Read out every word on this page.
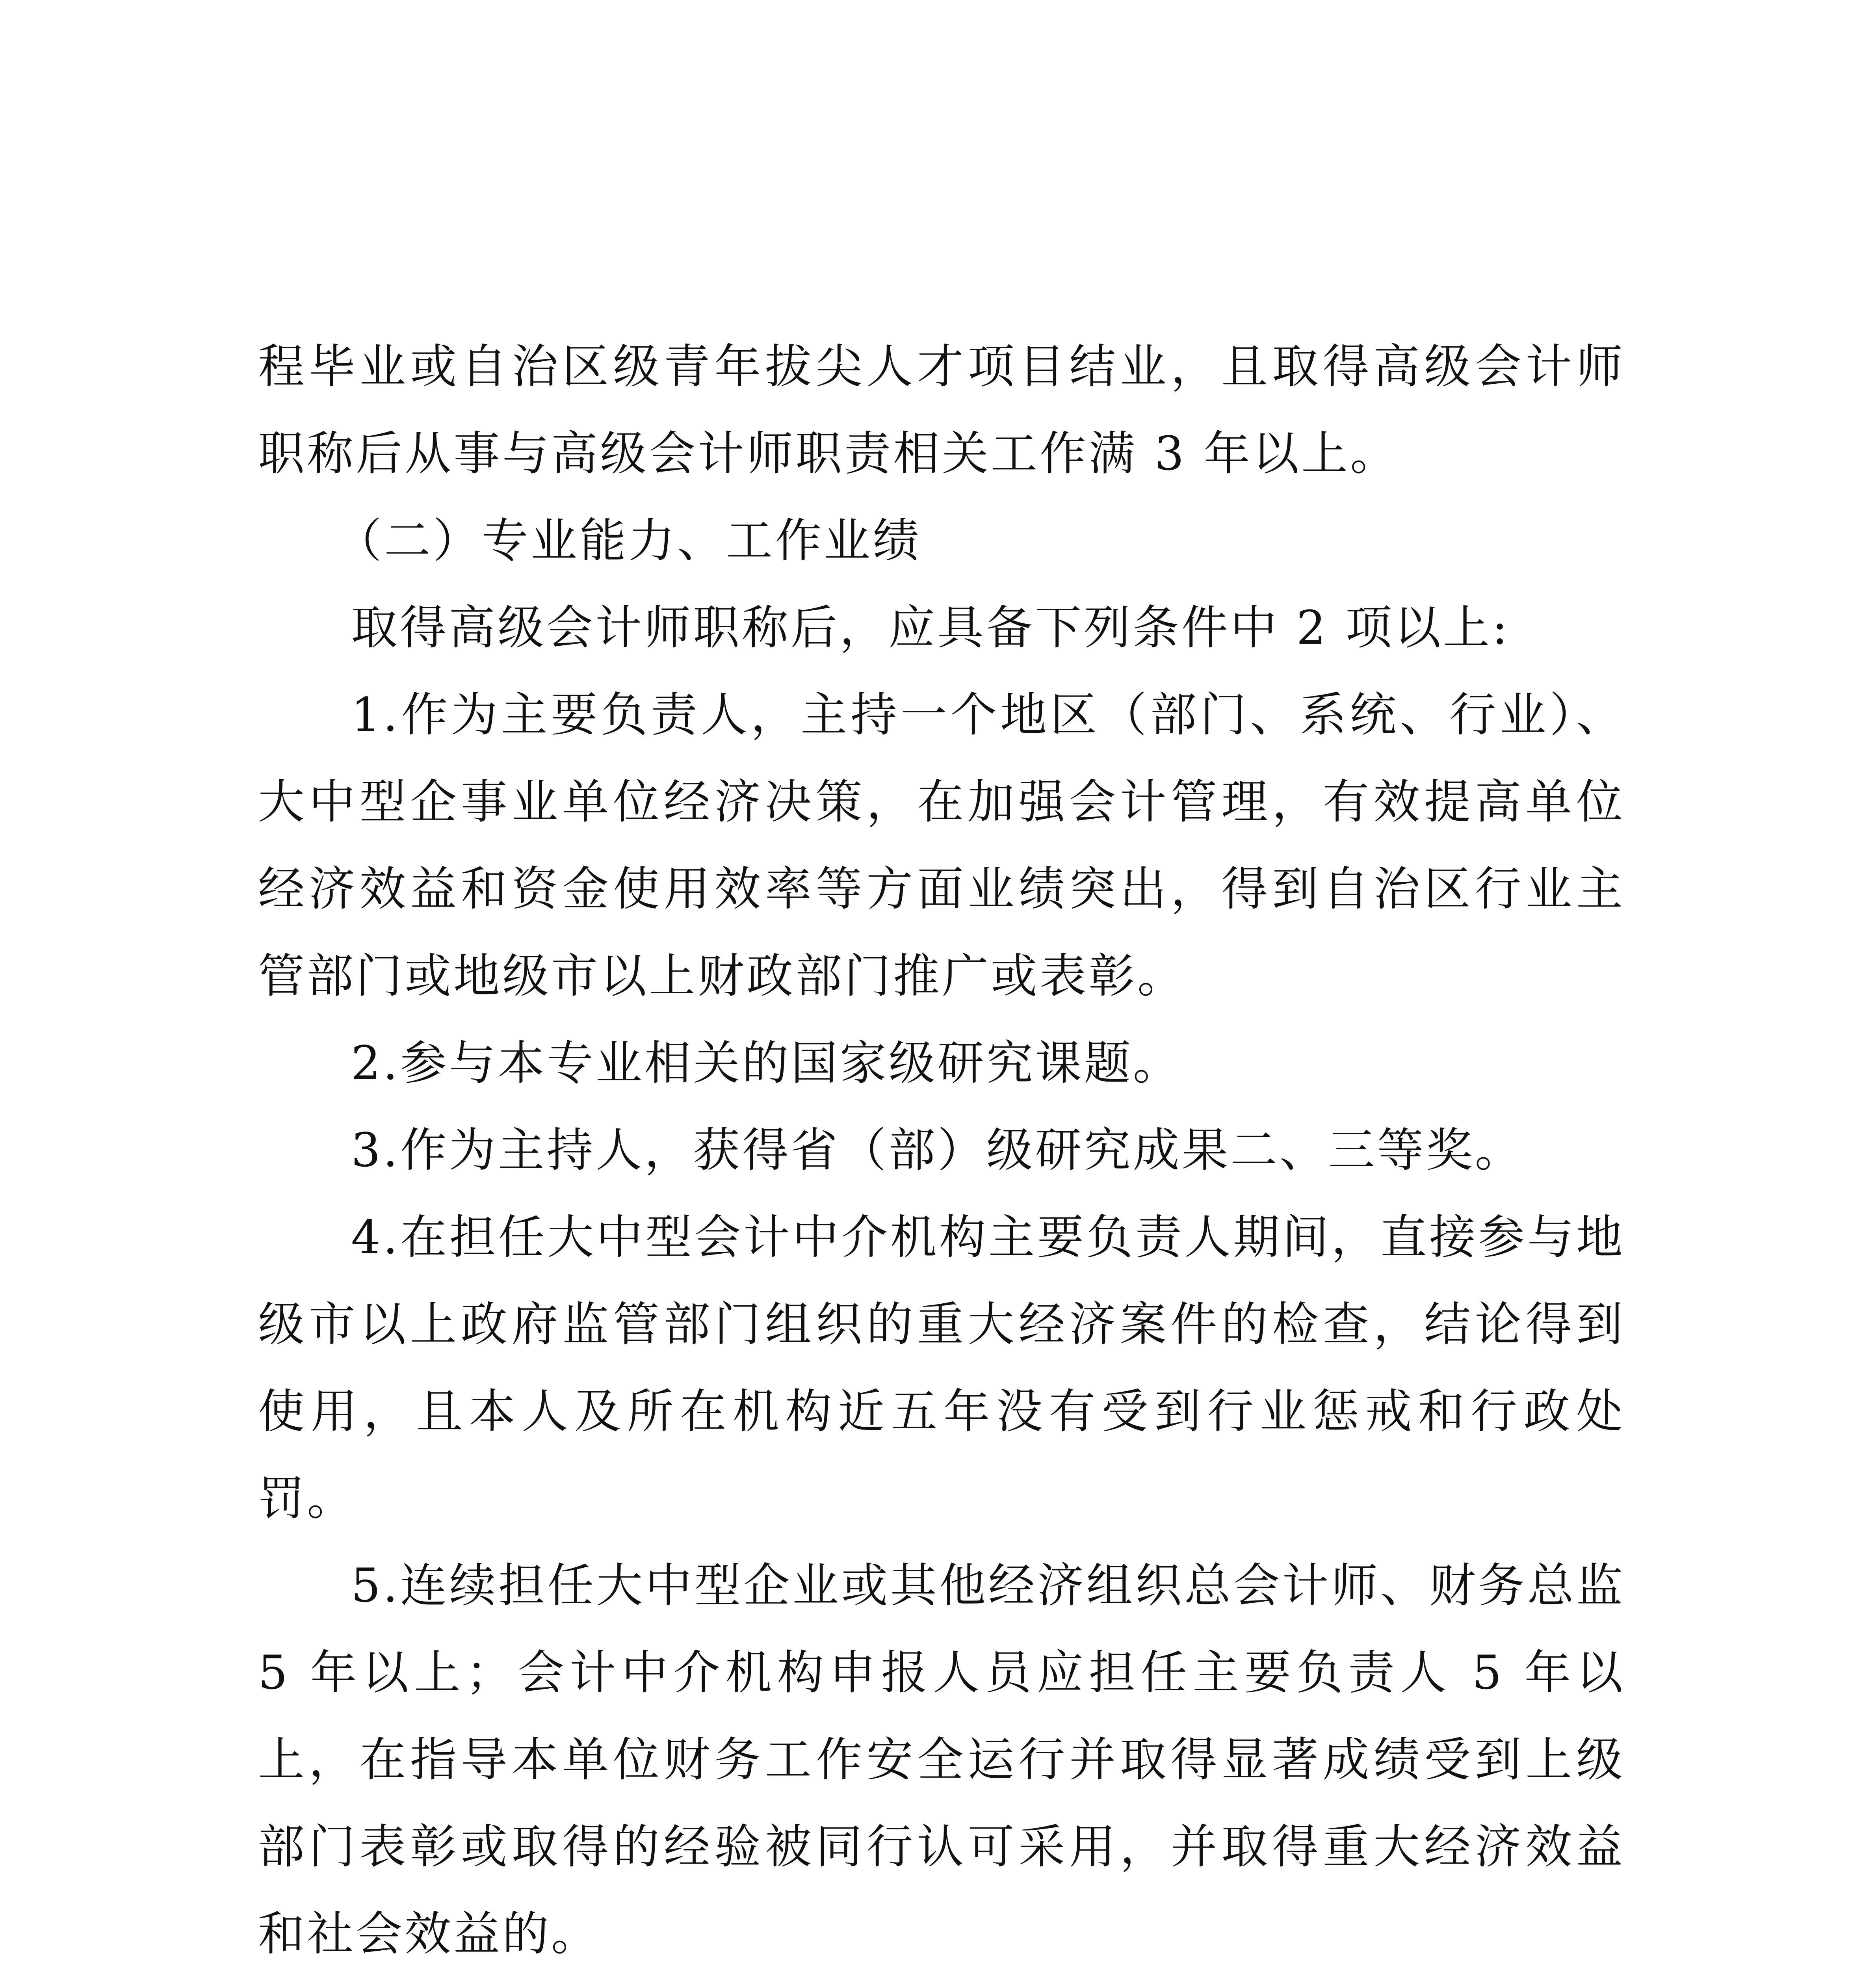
程毕业或自治区级青年拔尖人才项目结业，且取得高级会计师职称后从事与高级会计师职责相关工作满 3 年以上。

（二）专业能力、工作业绩

取得高级会计师职称后，应具备下列条件中 2 项以上:

1.作为主要负责人，主持一个地区（部门、系统、行业）、大中型企事业单位经济决策，在加强会计管理，有效提高单位经济效益和资金使用效率等方面业绩突出，得到自治区行业主管部门或地级市以上财政部门推广或表彰。

2.参与本专业相关的国家级研究课题。

3.作为主持人，获得省（部）级研究成果二、三等奖。

4.在担任大中型会计中介机构主要负责人期间，直接参与地级市以上政府监管部门组织的重大经济案件的检查，结论得到使用，且本人及所在机构近五年没有受到行业惩戒和行政处罚。

5.连续担任大中型企业或其他经济组织总会计师、财务总监 5 年以上；会计中介机构申报人员应担任主要负责人 5 年以上，在指导本单位财务工作安全运行并取得显著成绩受到上级部门表彰或取得的经验被同行认可采用，并取得重大经济效益和社会效益的。
